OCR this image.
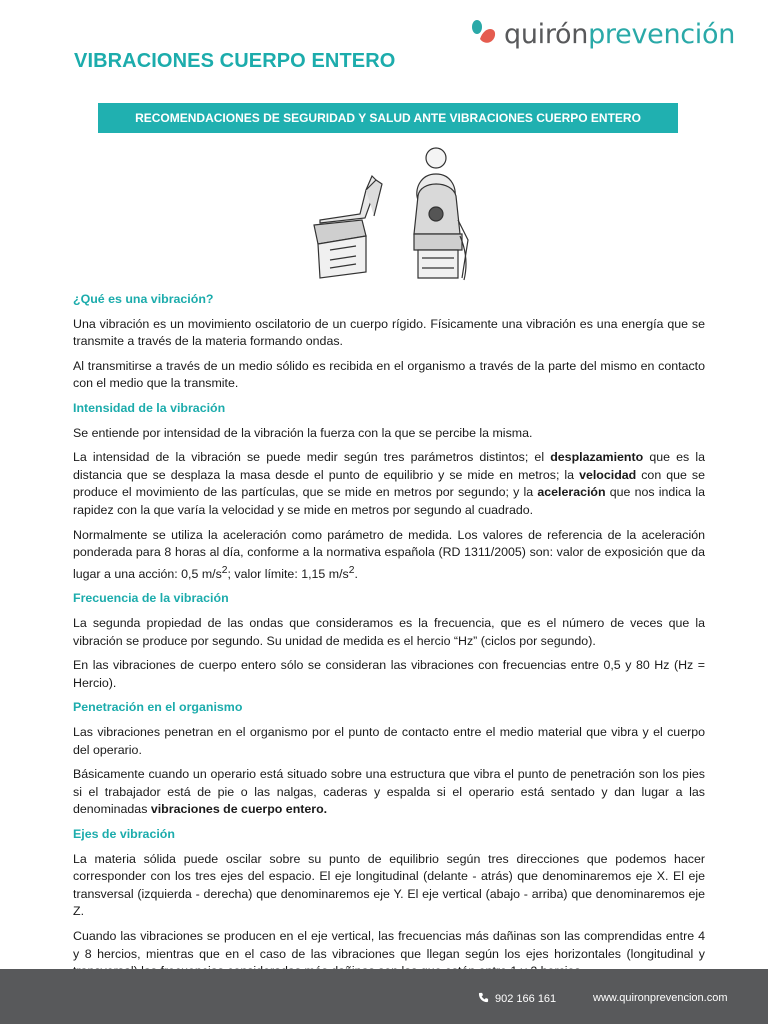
quirónprevención
VIBRACIONES CUERPO ENTERO
RECOMENDACIONES DE SEGURIDAD Y SALUD ANTE VIBRACIONES CUERPO ENTERO
¿Qué es una vibración?

Una vibración es un movimiento oscilatorio de un cuerpo rígido. Físicamente una vibración es una energía que se transmite a través de la materia formando ondas.

Al transmitirse a través de un medio sólido es recibida en el organismo a través de la parte del mismo en contacto con el medio que la transmite.

Intensidad de la vibración

Se entiende por intensidad de la vibración la fuerza con la que se percibe la misma.

La intensidad de la vibración se puede medir según tres parámetros distintos; el desplazamiento que es la distancia que se desplaza la masa desde el punto de equilibrio y se mide en metros; la velocidad con que se produce el movimiento de las partículas, que se mide en metros por segundo; y la aceleración que nos indica la rapidez con la que varía la velocidad y se mide en metros por segundo al cuadrado.

Normalmente se utiliza la aceleración como parámetro de medida. Los valores de referencia de la aceleración ponderada para 8 horas al día, conforme a la normativa española (RD 1311/2005) son: valor de exposición que da lugar a una acción: 0,5 $m/s^2$; valor límite: 1,15 $m/s^2$.

Frecuencia de la vibración

La segunda propiedad de las ondas que consideramos es la frecuencia, que es el número de veces que la vibración se produce por segundo. Su unidad de medida es el hercio “Hz” (ciclos por segundo).

En las vibraciones de cuerpo entero sólo se consideran las vibraciones con frecuencias entre 0,5 y 80 Hz (Hz = Hercio).

Penetración en el organismo

Las vibraciones penetran en el organismo por el punto de contacto entre el medio material que vibra y el cuerpo del operario.

Básicamente cuando un operario está situado sobre una estructura que vibra el punto de penetración son los pies si el trabajador está de pie o las nalgas, caderas y espalda si el operario está sentado y dan lugar a las denominadas vibraciones de cuerpo entero.

Ejes de vibración

La materia sólida puede oscilar sobre su punto de equilibrio según tres direcciones que podemos hacer corresponder con los tres ejes del espacio. El eje longitudinal (delante - atrás) que denominaremos eje X. El eje transversal (izquierda - derecha) que denominaremos eje Y. El eje vertical (abajo - arriba) que denominaremos eje Z.

Cuando las vibraciones se producen en el eje vertical, las frecuencias más dañinas son las comprendidas entre 4 y 8 hercios, mientras que en el caso de las vibraciones que llegan según los ejes horizontales (longitudinal y

902 166 161	www.quironprevencion.com
